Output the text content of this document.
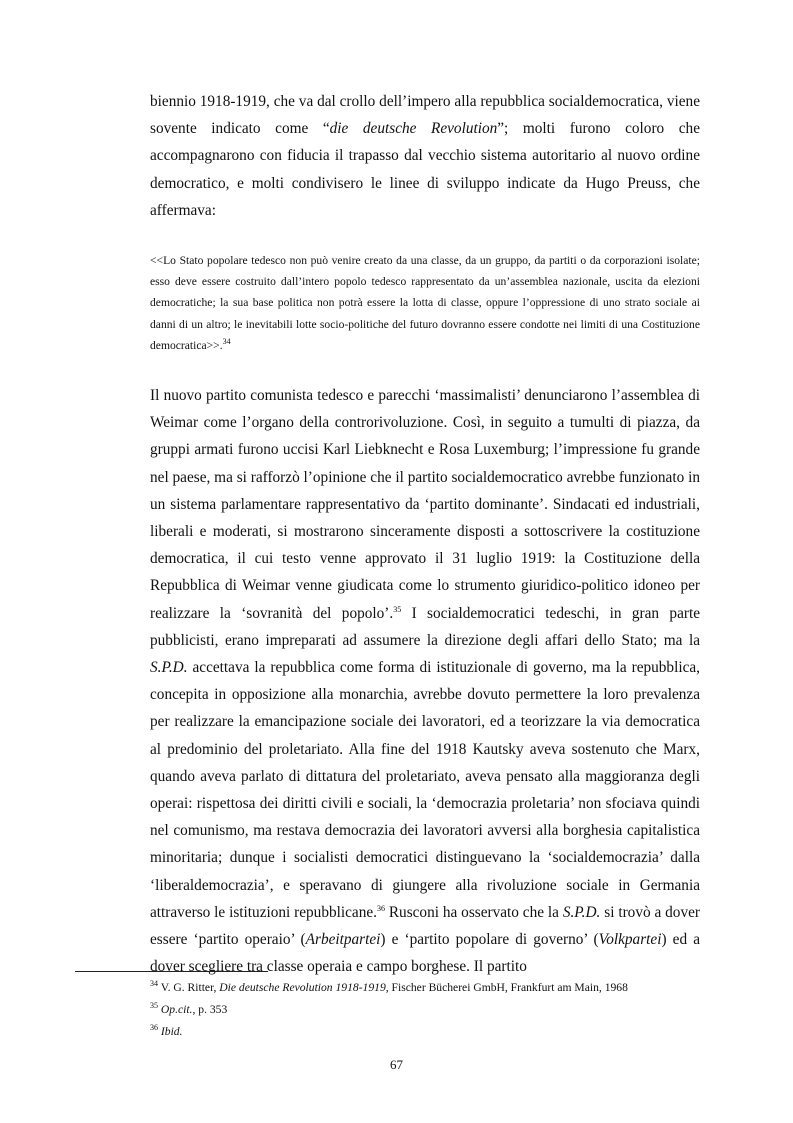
biennio 1918-1919, che va dal crollo dell’impero alla repubblica socialdemocratica, viene sovente indicato come “die deutsche Revolution”; molti furono coloro che accompagnarono con fiducia il trapasso dal vecchio sistema autoritario al nuovo ordine democratico, e molti condivisero le linee di sviluppo indicate da Hugo Preuss, che affermava:

<<Lo Stato popolare tedesco non può venire creato da una classe, da un gruppo, da partiti o da corporazioni isolate; esso deve essere costruito dall’intero popolo tedesco rappresentato da un’assemblea nazionale, uscita da elezioni democratiche; la sua base politica non potrà essere la lotta di classe, oppure l’oppressione di uno strato sociale ai danni di un altro; le inevitabili lotte socio-politiche del futuro dovranno essere condotte nei limiti di una Costituzione democratica>>.$^{34}$

Il nuovo partito comunista tedesco e parecchi ‘massimalisti’ denunciarono l’assemblea di Weimar come l’organo della controrivoluzione. Così, in seguito a tumulti di piazza, da gruppi armati furono uccisi Karl Liebknecht e Rosa Luxemburg; l’impressione fu grande nel paese, ma si rafforzò l’opinione che il partito socialdemocratico avrebbe funzionato in un sistema parlamentare rappresentativo da ‘partito dominante’. Sindacati ed industriali, liberali e moderati, si mostrarono sinceramente disposti a sottoscrivere la costituzione democratica, il cui testo venne approvato il 31 luglio 1919: la Costituzione della Repubblica di Weimar venne giudicata come lo strumento giuridico-politico idoneo per realizzare la ‘sovranità del popolo’.$^{35}$ I socialdemocratici tedeschi, in gran parte pubblicisti, erano impreparati ad assumere la direzione degli affari dello Stato; ma la S.P.D. accettava la repubblica come forma di istituzionale di governo, ma la repubblica, concepita in opposizione alla monarchia, avrebbe dovuto permettere la loro prevalenza per realizzare la emancipazione sociale dei lavoratori, ed a teorizzare la via democratica al predominio del proletariato. Alla fine del 1918 Kautsky aveva sostenuto che Marx, quando aveva parlato di dittatura del proletariato, aveva pensato alla maggioranza degli operai: rispettosa dei diritti civili e sociali, la ‘democrazia proletaria’ non sfociava quindi nel comunismo, ma restava democrazia dei lavoratori avversi alla borghesia capitalistica minoritaria; dunque i socialisti democratici distinguevano la ‘socialdemocrazia’ dalla ‘liberaldemocrazia’, e speravano di giungere alla rivoluzione sociale in Germania attraverso le istituzioni repubblicane.$^{36}$ Rusconi ha osservato che la S.P.D. si trovò a dover essere ‘partito operaio’ (Arbeitpartei) e ‘partito popolare di governo’ (Volkpartei) ed a dover scegliere tra classe operaia e campo borghese. Il partito

$^{34}$ V. G. Ritter, Die deutsche Revolution 1918-1919, Fischer Bücherei GmbH, Frankfurt am Main, 1968

$^{35}$ Op.cit., p. 353

$^{36}$ Ibid.

67
